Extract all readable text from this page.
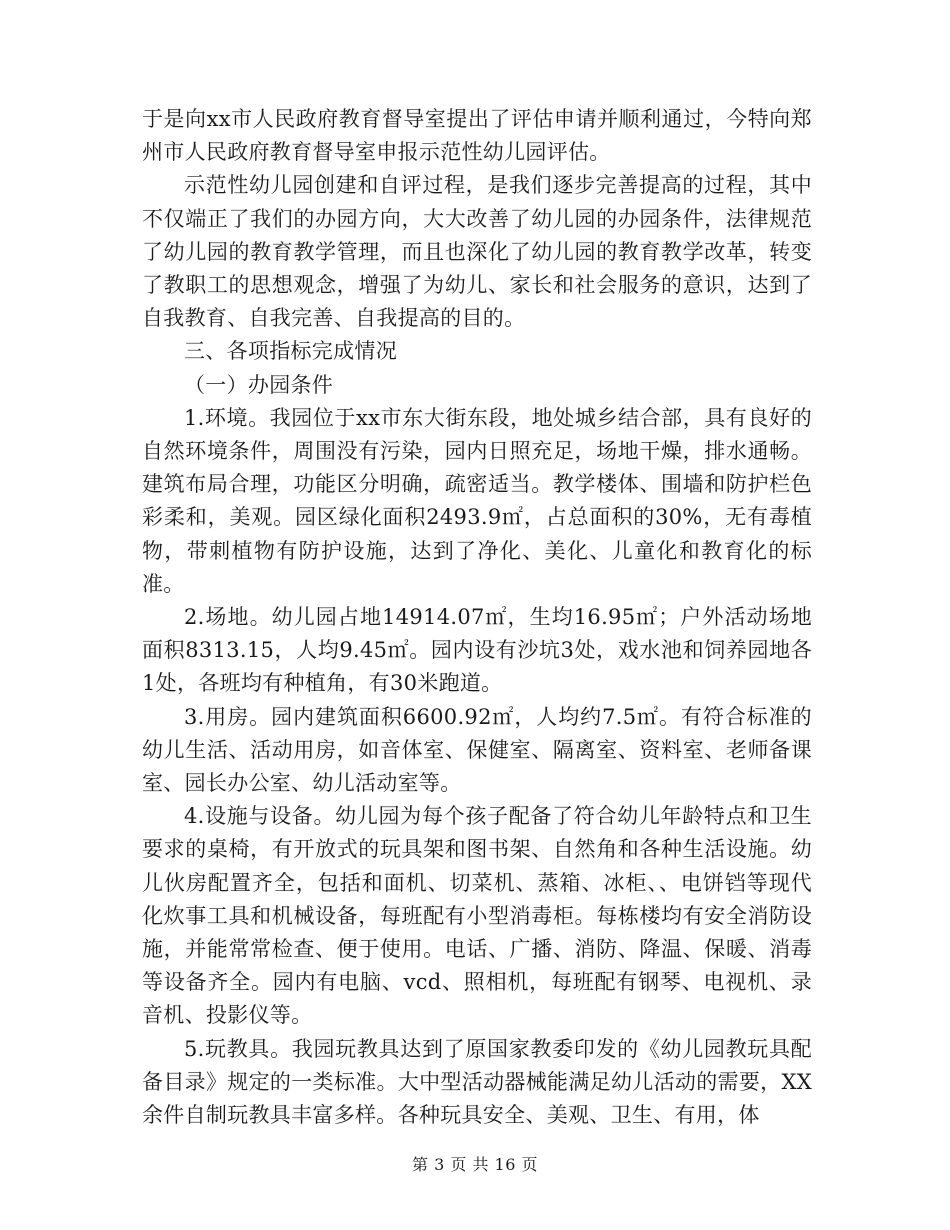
于是向xx市人民政府教育督导室提出了评估申请并顺利通过，今特向郑州市人民政府教育督导室申报示范性幼儿园评估。

示范性幼儿园创建和自评过程，是我们逐步完善提高的过程，其中不仅端正了我们的办园方向，大大改善了幼儿园的办园条件，法律规范了幼儿园的教育教学管理，而且也深化了幼儿园的教育教学改革，转变了教职工的思想观念，增强了为幼儿、家长和社会服务的意识，达到了自我教育、自我完善、自我提高的目的。

三、各项指标完成情况

（一）办园条件

1.环境。我园位于xx市东大街东段，地处城乡结合部，具有良好的自然环境条件，周围没有污染，园内日照充足，场地干燥，排水通畅。建筑布局合理，功能区分明确，疏密适当。教学楼体、围墙和防护栏色彩柔和，美观。园区绿化面积2493.9㎡，占总面积的30%，无有毒植物，带刺植物有防护设施，达到了净化、美化、儿童化和教育化的标准。

2.场地。幼儿园占地14914.07㎡，生均16.95㎡；户外活动场地面积8313.15，人均9.45㎡。园内设有沙坑3处，戏水池和饲养园地各1处，各班均有种植角，有30米跑道。

3.用房。园内建筑面积6600.92㎡，人均约7.5㎡。有符合标准的幼儿生活、活动用房，如音体室、保健室、隔离室、资料室、老师备课室、园长办公室、幼儿活动室等。

4.设施与设备。幼儿园为每个孩子配备了符合幼儿年龄特点和卫生要求的桌椅，有开放式的玩具架和图书架、自然角和各种生活设施。幼儿伙房配置齐全，包括和面机、切菜机、蒸箱、冰柜、、电饼铛等现代化炊事工具和机械设备，每班配有小型消毒柜。每栋楼均有安全消防设施，并能常常检查、便于使用。电话、广播、消防、降温、保暖、消毒等设备齐全。园内有电脑、vcd、照相机，每班配有钢琴、电视机、录音机、投影仪等。

5.玩教具。我园玩教具达到了原国家教委印发的《幼儿园教玩具配备目录》规定的一类标准。大中型活动器械能满足幼儿活动的需要，XX余件自制玩教具丰富多样。各种玩具安全、美观、卫生、有用，体

第 3 页 共 16 页
